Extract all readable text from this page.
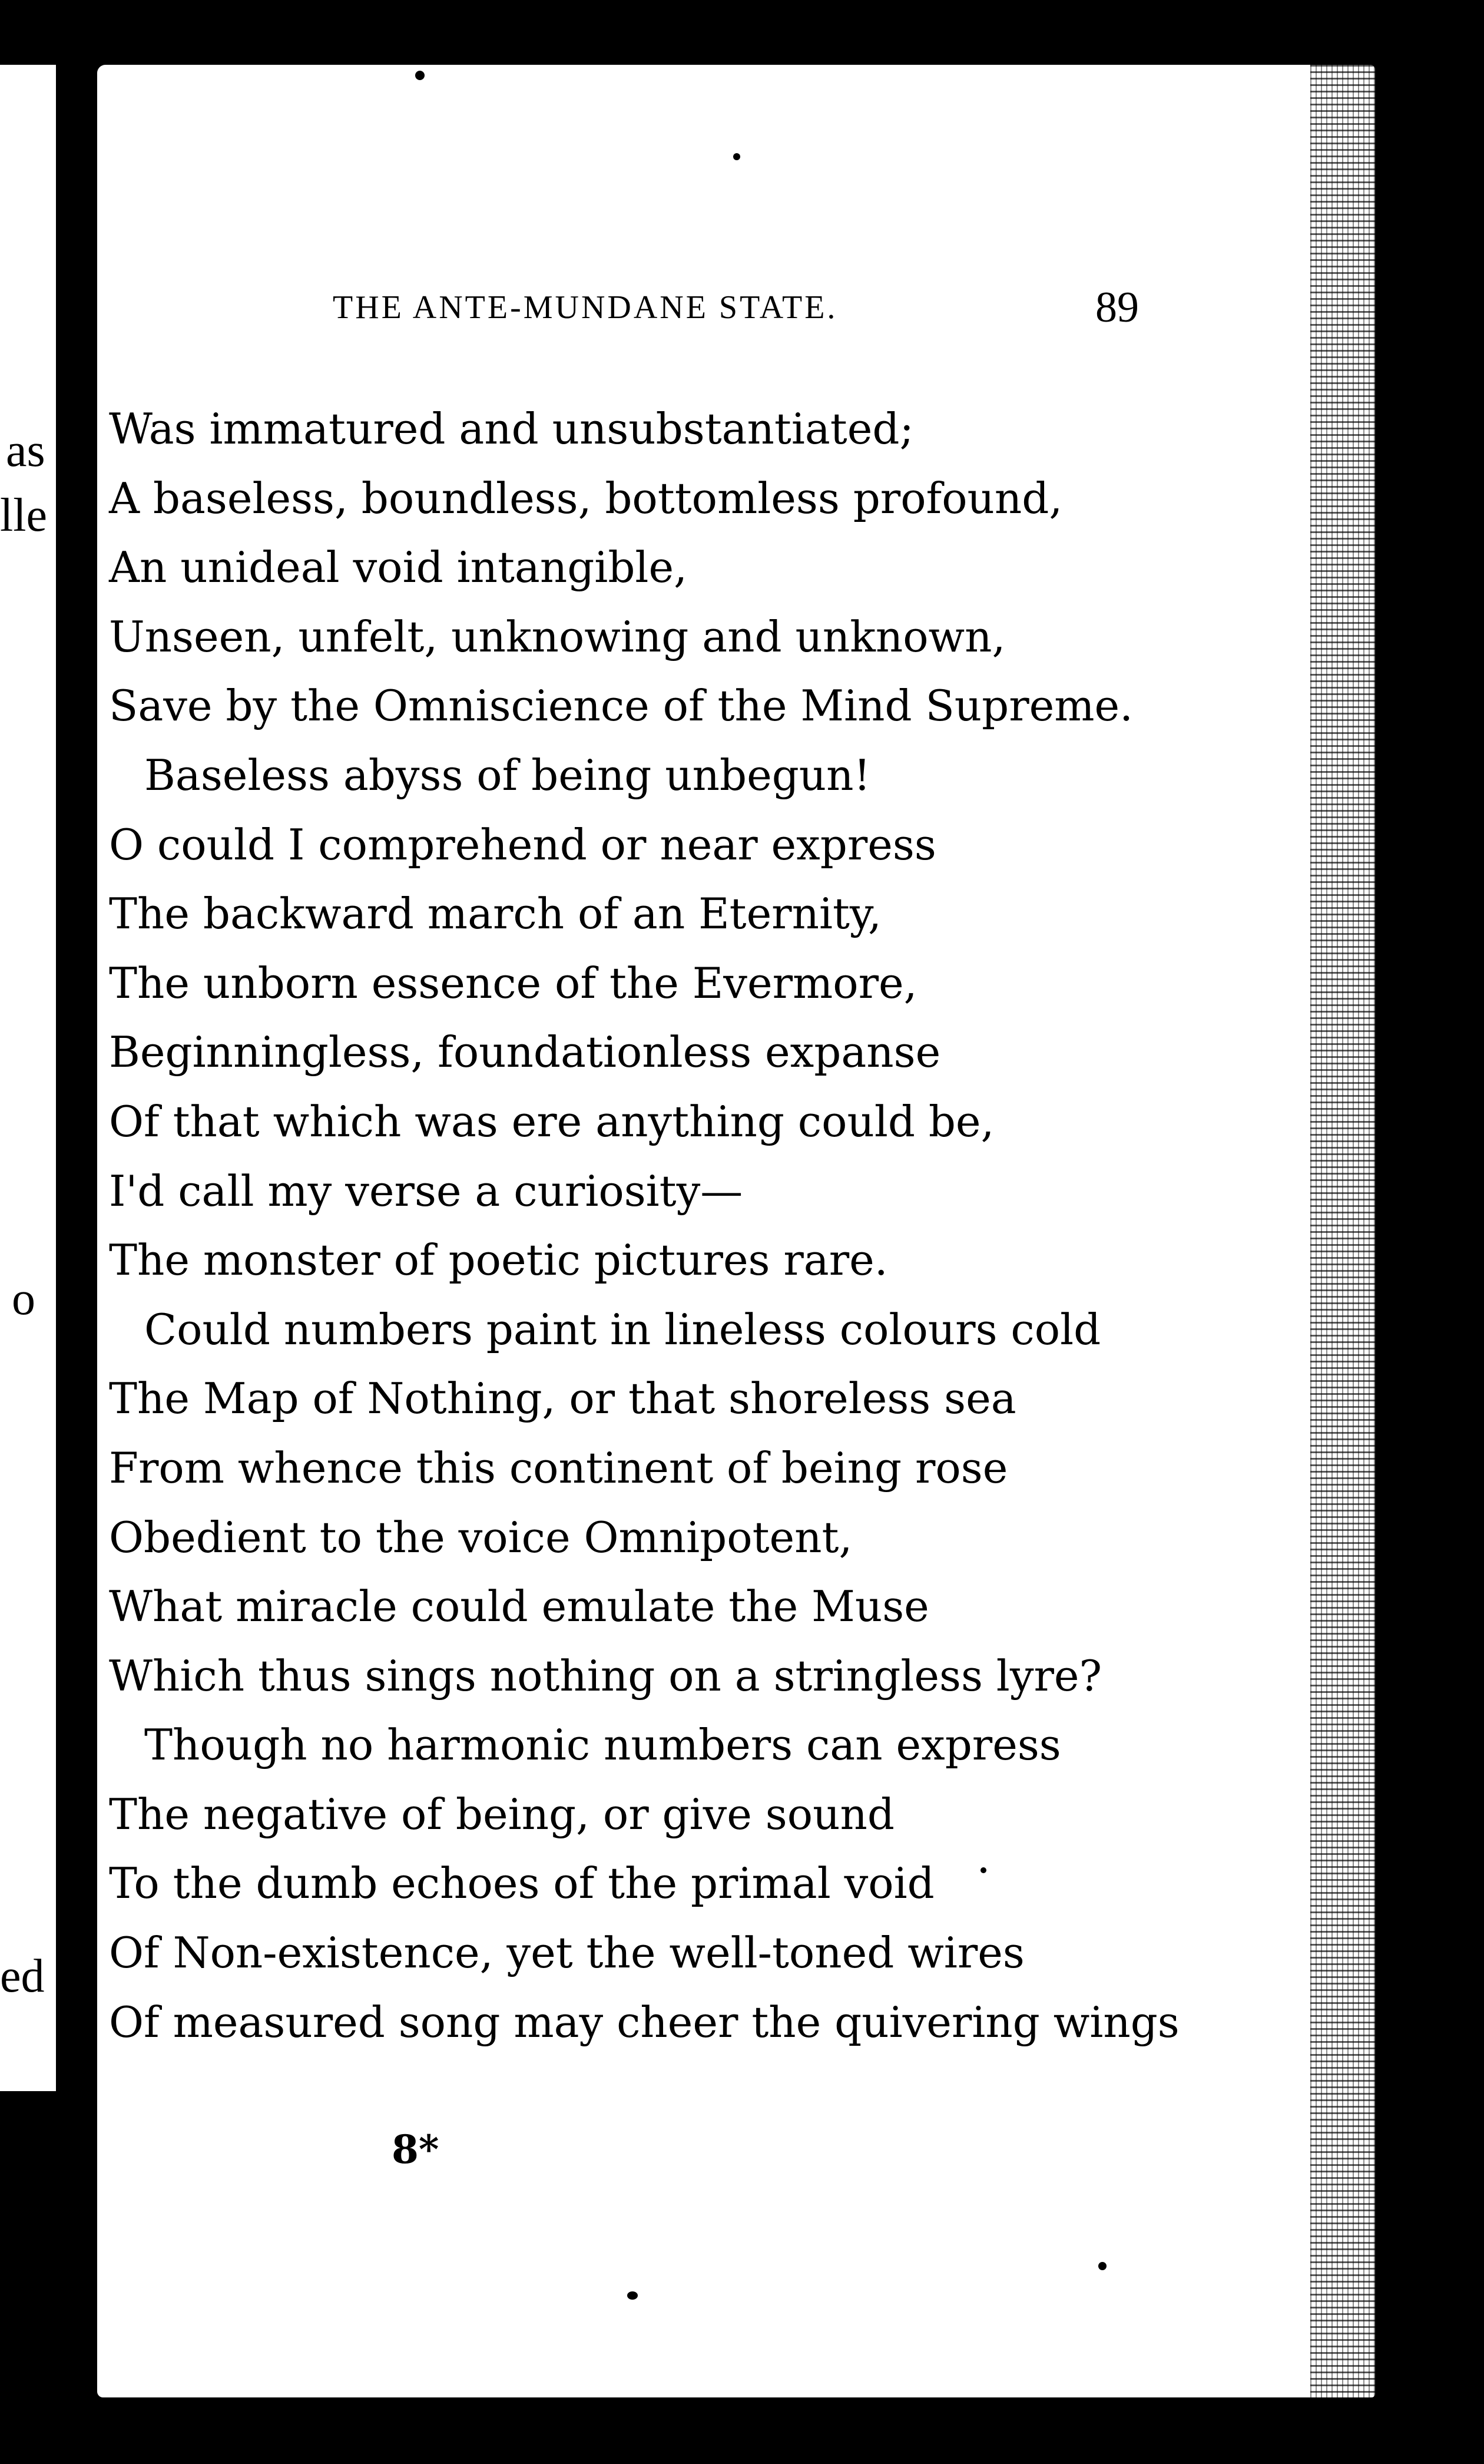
as
lle
o
ed
THE ANTE-MUNDANE STATE.	89
Was immatured and unsubstantiated;
A baseless, boundless, bottomless profound,
An unideal void intangible,
Unseen, unfelt, unknowing and unknown,
Save by the Omniscience of the Mind Supreme.
Baseless abyss of being unbegun!
O could I comprehend or near express
The backward march of an Eternity,
The unborn essence of the Evermore,
Beginningless, foundationless expanse
Of that which was ere anything could be,
I'd call my verse a curiosity—
The monster of poetic pictures rare.
Could numbers paint in lineless colours cold
The Map of Nothing, or that shoreless sea
From whence this continent of being rose
Obedient to the voice Omnipotent,
What miracle could emulate the Muse
Which thus sings nothing on a stringless lyre?
Though no harmonic numbers can express
The negative of being, or give sound
To the dumb echoes of the primal void
Of Non-existence, yet the well-toned wires
Of measured song may cheer the quivering wings
8*
